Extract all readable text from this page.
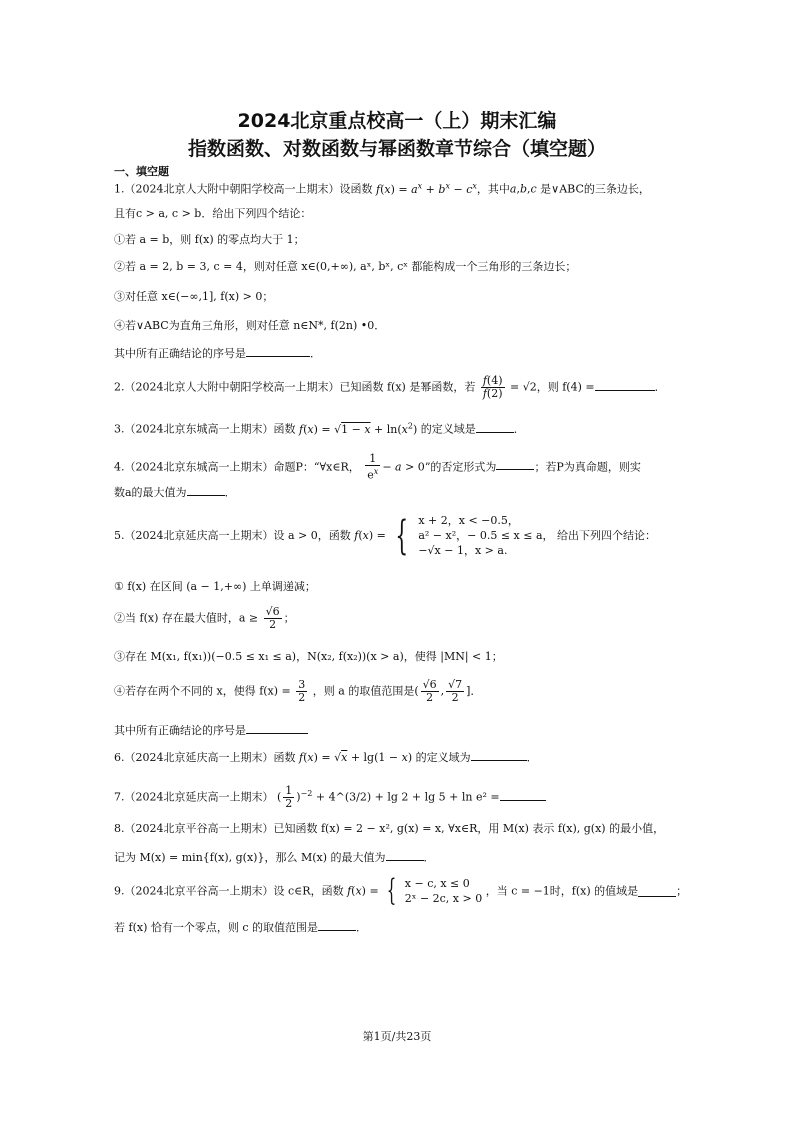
2024北京重点校高一（上）期末汇编
指数函数、对数函数与幂函数章节综合（填空题）
一、填空题
1.（2024北京人大附中朝阳学校高一上期末）设函数 $f(x) = a^x + b^x - c^x$，其中a,b,c 是∨ABC的三条边长，
且有c > a, c > b．给出下列四个结论：
①若 a = b，则 f(x) 的零点均大于 1；
②若 a = 2, b = 3, c = 4，则对任意 x∈(0,+∞), aˣ, bˣ, cˣ 都能构成一个三角形的三条边长；
③对任意 x∈(−∞,1], f(x) > 0；
④若∨ABC为直角三角形，则对任意 n∈N*, f(2n) •0．
其中所有正确结论的序号是	．
2.（2024北京人大附中朝阳学校高一上期末）已知函数 f(x) 是幂函数，若 $\frac{f(4)}{f(2)} = √2$，则 f(4) =	．
3.（2024北京东城高一上期末）函数 $f(x) = √1 - x + \ln(x^2)$ 的定义域是	．
4.（2024北京东城高一上期末）命题P：“∀x∈R， $\frac{1}{e^x} - a > 0$”的否定形式为	；若P为真命题，则实
数a的最大值为	．
5.（2024北京延庆高一上期末）设 a > 0，函数 f(x) = { x + 2，x < −0.5，
a² − x²，− 0.5 ≤ x ≤ a，
−√x − 1，x > a.
给出下列四个结论：
① f(x) 在区间 (a − 1,+∞) 上单调递减；
②当 f(x) 存在最大值时，$a \ge \frac{√6}{2}$ ；
③存在 M(x₁, f(x₁))(−0.5 ≤ x₁ ≤ a)，N(x₂, f(x₂))(x > a)，使得 |MN| < 1；
④若存在两个不同的 x，使得 $f(x) = \frac{3}{2}$ ，则 a 的取值范围是( $\frac{√6}{2}$ , $\frac{√7}{2}$ ]．
其中所有正确结论的序号是
6.（2024北京延庆高一上期末）函数 f(x) = √x + lg(1 − x) 的定义域为	．
7.（2024北京延庆高一上期末） ( $\frac{1}{2} )^{-2}$ + 4^(3/2) + lg 2 + lg 5 + ln e² =
8.（2024北京平谷高一上期末）已知函数 f(x) = 2 − x², g(x) = x, ∀x∈R，用 M(x) 表示 f(x), g(x) 的最小值，
记为 M(x) = min{f(x), g(x)}，那么 M(x) 的最大值为	．
9.（2024北京平谷高一上期末）设 c∈R，函数 f(x) = { x − c, x ≤ 0
2ˣ − 2c, x > 0
，当 c = −1时，f(x) 的值域是	；
若 f(x) 恰有一个零点，则 c 的取值范围是	．
第1页/共23页
